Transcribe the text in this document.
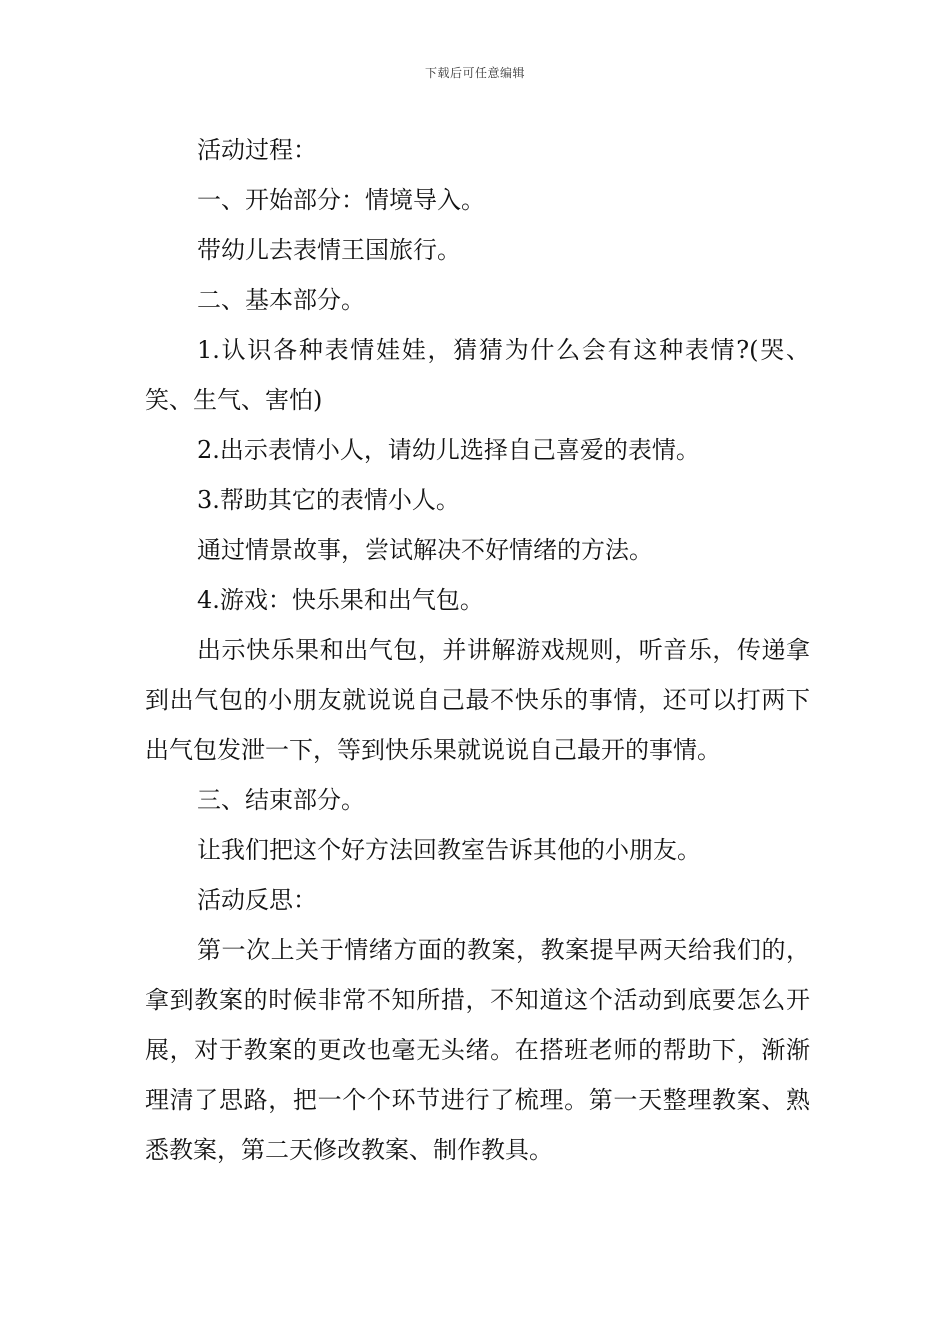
下载后可任意编辑

活动过程：

一、开始部分：情境导入。

带幼儿去表情王国旅行。

二、基本部分。

1.认识各种表情娃娃，猜猜为什么会有这种表情?(哭、笑、生气、害怕)

2.出示表情小人，请幼儿选择自己喜爱的表情。

3.帮助其它的表情小人。

通过情景故事，尝试解决不好情绪的方法。

4.游戏：快乐果和出气包。

出示快乐果和出气包，并讲解游戏规则，听音乐，传递拿到出气包的小朋友就说说自己最不快乐的事情，还可以打两下出气包发泄一下，等到快乐果就说说自己最开的事情。

三、结束部分。

让我们把这个好方法回教室告诉其他的小朋友。

活动反思：

第一次上关于情绪方面的教案，教案提早两天给我们的，拿到教案的时候非常不知所措，不知道这个活动到底要怎么开展，对于教案的更改也毫无头绪。在搭班老师的帮助下，渐渐理清了思路，把一个个环节进行了梳理。第一天整理教案、熟悉教案，第二天修改教案、制作教具。
